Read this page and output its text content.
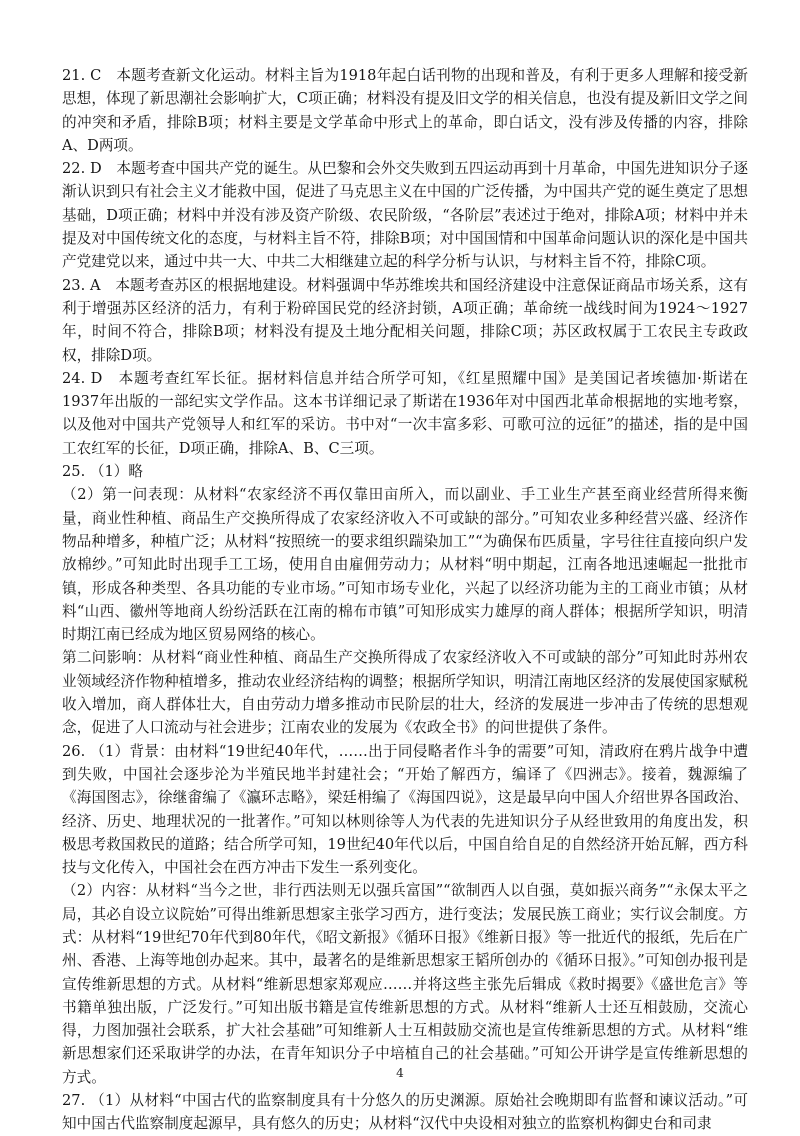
21. C　本题考查新文化运动。材料主旨为1918年起白话刊物的出现和普及，有利于更多人理解和接受新思想，体现了新思潮社会影响扩大，C项正确；材料没有提及旧文学的相关信息，也没有提及新旧文学之间的冲突和矛盾，排除B项；材料主要是文学革命中形式上的革命，即白话文，没有涉及传播的内容，排除A、D两项。

22. D　本题考查中国共产党的诞生。从巴黎和会外交失败到五四运动再到十月革命，中国先进知识分子逐渐认识到只有社会主义才能救中国，促进了马克思主义在中国的广泛传播，为中国共产党的诞生奠定了思想基础，D项正确；材料中并没有涉及资产阶级、农民阶级，“各阶层”表述过于绝对，排除A项；材料中并未提及对中国传统文化的态度，与材料主旨不符，排除B项；对中国国情和中国革命问题认识的深化是中国共产党建党以来，通过中共一大、中共二大相继建立起的科学分析与认识，与材料主旨不符，排除C项。

23. A　本题考查苏区的根据地建设。材料强调中华苏维埃共和国经济建设中注意保证商品市场关系，这有利于增强苏区经济的活力，有利于粉碎国民党的经济封锁，A项正确；革命统一战线时间为1924～1927年，时间不符合，排除B项；材料没有提及土地分配相关问题，排除C项；苏区政权属于工农民主专政政权，排除D项。

24. D　本题考查红军长征。据材料信息并结合所学可知，《红星照耀中国》是美国记者埃德加·斯诺在1937年出版的一部纪实文学作品。这本书详细记录了斯诺在1936年对中国西北革命根据地的实地考察，以及他对中国共产党领导人和红军的采访。书中对“一次丰富多彩、可歌可泣的远征”的描述，指的是中国工农红军的长征，D项正确，排除A、B、C三项。

25. （1）略

（2）第一问表现：从材料“农家经济不再仅靠田亩所入，而以副业、手工业生产甚至商业经营所得来衡量，商业性种植、商品生产交换所得成了农家经济收入不可或缺的部分。”可知农业多种经营兴盛、经济作物品种增多，种植广泛；从材料“按照统一的要求组织踹染加工”“为确保布匹质量，字号往往直接向织户发放棉纱。”可知此时出现手工工场，使用自由雇佣劳动力；从材料“明中期起，江南各地迅速崛起一批批市镇，形成各种类型、各具功能的专业市场。”可知市场专业化，兴起了以经济功能为主的工商业市镇；从材料“山西、徽州等地商人纷纷活跃在江南的棉布市镇”可知形成实力雄厚的商人群体；根据所学知识，明清时期江南已经成为地区贸易网络的核心。

第二问影响：从材料“商业性种植、商品生产交换所得成了农家经济收入不可或缺的部分”可知此时苏州农业领域经济作物种植增多，推动农业经济结构的调整；根据所学知识，明清江南地区经济的发展使国家赋税收入增加，商人群体壮大，自由劳动力增多推动市民阶层的壮大，经济的发展进一步冲击了传统的思想观念，促进了人口流动与社会进步；江南农业的发展为《农政全书》的问世提供了条件。

26. （1）背景：由材料“19世纪40年代，……出于同侵略者作斗争的需要”可知，清政府在鸦片战争中遭到失败，中国社会逐步沦为半殖民地半封建社会；“开始了解西方，编译了《四洲志》。接着，魏源编了《海国图志》，徐继畬编了《瀛环志略》，梁廷枏编了《海国四说》，这是最早向中国人介绍世界各国政治、经济、历史、地理状况的一批著作。”可知以林则徐等人为代表的先进知识分子从经世致用的角度出发，积极思考救国救民的道路；结合所学可知，19世纪40年代以后，中国自给自足的自然经济开始瓦解，西方科技与文化传入，中国社会在西方冲击下发生一系列变化。

（2）内容：从材料“当今之世，非行西法则无以强兵富国”“欲制西人以自强，莫如振兴商务”“永保太平之局，其必自设立议院始”可得出维新思想家主张学习西方，进行变法；发展民族工商业；实行议会制度。方式：从材料“19世纪70年代到80年代，《昭文新报》《循环日报》《维新日报》等一批近代的报纸，先后在广州、香港、上海等地创办起来。其中，最著名的是维新思想家王韬所创办的《循环日报》。”可知创办报刊是宣传维新思想的方式。从材料“维新思想家郑观应……并将这些主张先后辑成《救时揭要》《盛世危言》等书籍单独出版，广泛发行。”可知出版书籍是宣传维新思想的方式。从材料“维新人士还互相鼓励，交流心得，力图加强社会联系，扩大社会基础”可知维新人士互相鼓励交流也是宣传维新思想的方式。从材料“维新思想家们还采取讲学的办法，在青年知识分子中培植自己的社会基础。”可知公开讲学是宣传维新思想的方式。

27. （1）从材料“中国古代的监察制度具有十分悠久的历史渊源。原始社会晚期即有监督和谏议活动。”可知中国古代监察制度起源早，具有悠久的历史；从材料“汉代中央设相对独立的监察机构御史台和司隶

4
